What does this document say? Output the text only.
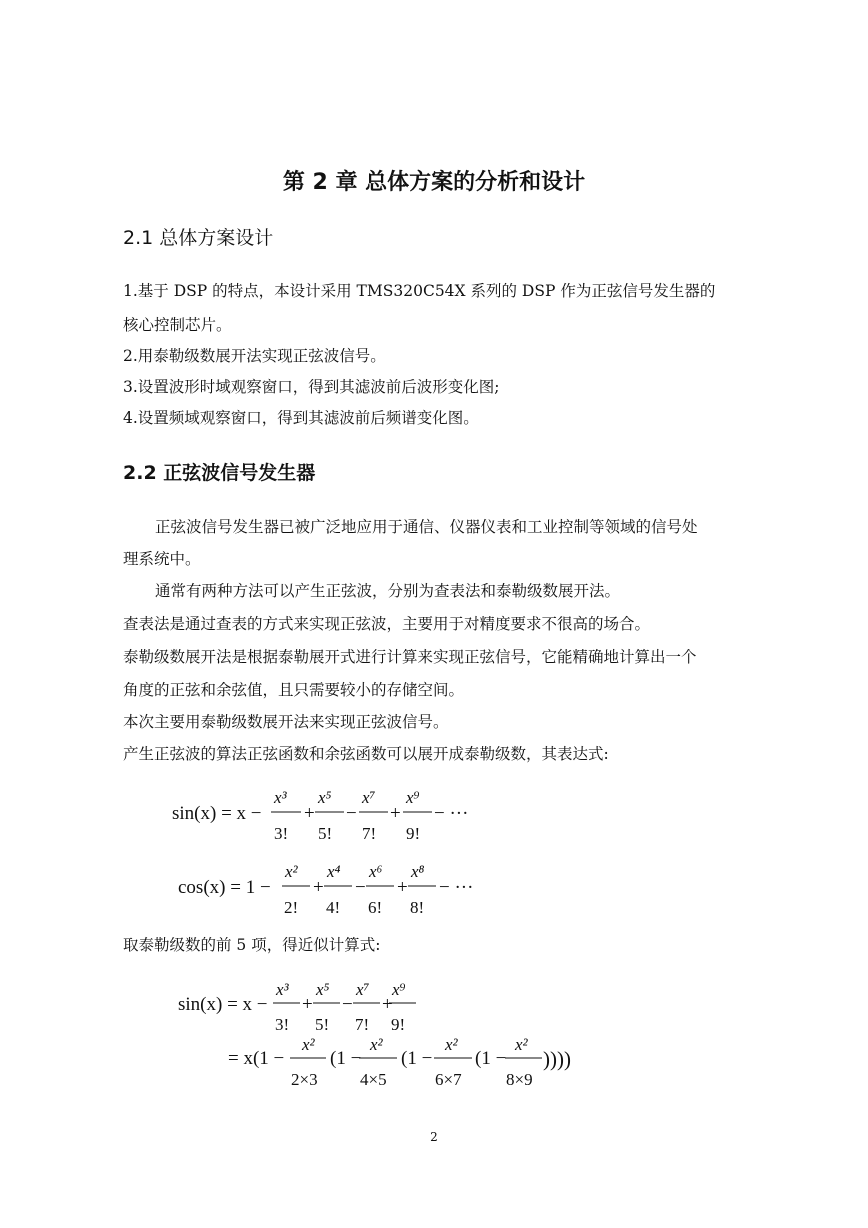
第 2 章 总体方案的分析和设计
2.1 总体方案设计
1.基于 DSP 的特点，本设计采用 TMS320C54X 系列的 DSP 作为正弦信号发生器的
核心控制芯片。
2.用泰勒级数展开法实现正弦波信号。
3.设置波形时域观察窗口，得到其滤波前后波形变化图;
4.设置频域观察窗口，得到其滤波前后频谱变化图。
2.2 正弦波信号发生器
正弦波信号发生器已被广泛地应用于通信、仪器仪表和工业控制等领域的信号处
理系统中。
通常有两种方法可以产生正弦波，分别为查表法和泰勒级数展开法。
查表法是通过查表的方式来实现正弦波，主要用于对精度要求不很高的场合。
泰勒级数展开法是根据泰勒展开式进行计算来实现正弦信号，它能精确地计算出一个
角度的正弦和余弦值，且只需要较小的存储空间。
本次主要用泰勒级数展开法来实现正弦波信号。
产生正弦波的算法正弦函数和余弦函数可以展开成泰勒级数，其表达式:
取泰勒级数的前 5 项，得近似计算式:
sin(x) = x −
x³
3!
+
x⁵
5!
−
x⁷
7!
+
x⁹
9!
− ···
cos(x) = 1 −
x²
2!
+
x⁴
4!
−
x⁶
6!
+
x⁸
8!
− ···
sin(x) = x −
x³
3!
+
x⁵
5!
−
x⁷
7!
+
x⁹
9!
= x(1 −
x²
2×3
(1 −
x²
4×5
(1 −
x²
6×7
(1 −
x²
8×9
))))
2
